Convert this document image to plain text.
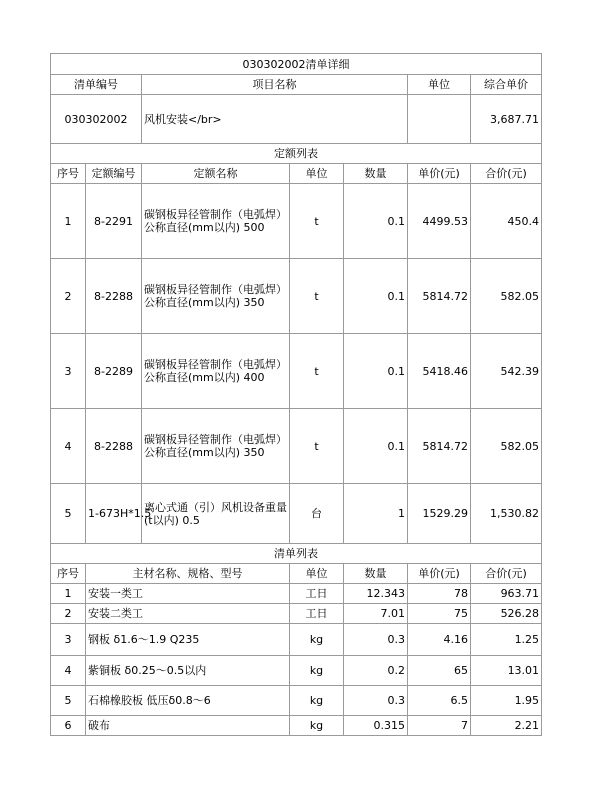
030302002清单详细			
清单编号	项目名称	单位	综合单价
030302002	风机安装</br>		3,687.71
定额列表						
序号	定额编号	定额名称	单位	数量	单价(元)	合价(元)
1	8-2291	碳钢板异径管制作（电弧焊）公称直径(mm以内) 500	t	0.1	4499.53	450.4
2	8-2288	碳钢板异径管制作（电弧焊）公称直径(mm以内) 350	t	0.1	5814.72	582.05
3	8-2289	碳钢板异径管制作（电弧焊）公称直径(mm以内) 400	t	0.1	5418.46	542.39
4	8-2288	碳钢板异径管制作（电弧焊）公称直径(mm以内) 350	t	0.1	5814.72	582.05
5	1-673H*1.5	离心式通（引）风机设备重量(t以内) 0.5	台	1	1529.29	1,530.82
清单列表					
序号	主材名称、规格、型号	单位	数量	单价(元)	合价(元)
1	安装一类工	工日	12.343	78	963.71
2	安装二类工	工日	7.01	75	526.28
3	钢板 δ1.6～1.9 Q235	kg	0.3	4.16	1.25
4	紫铜板 δ0.25～0.5以内	kg	0.2	65	13.01
5	石棉橡胶板 低压δ0.8～6	kg	0.3	6.5	1.95
6	破布	kg	0.315	7	2.21
